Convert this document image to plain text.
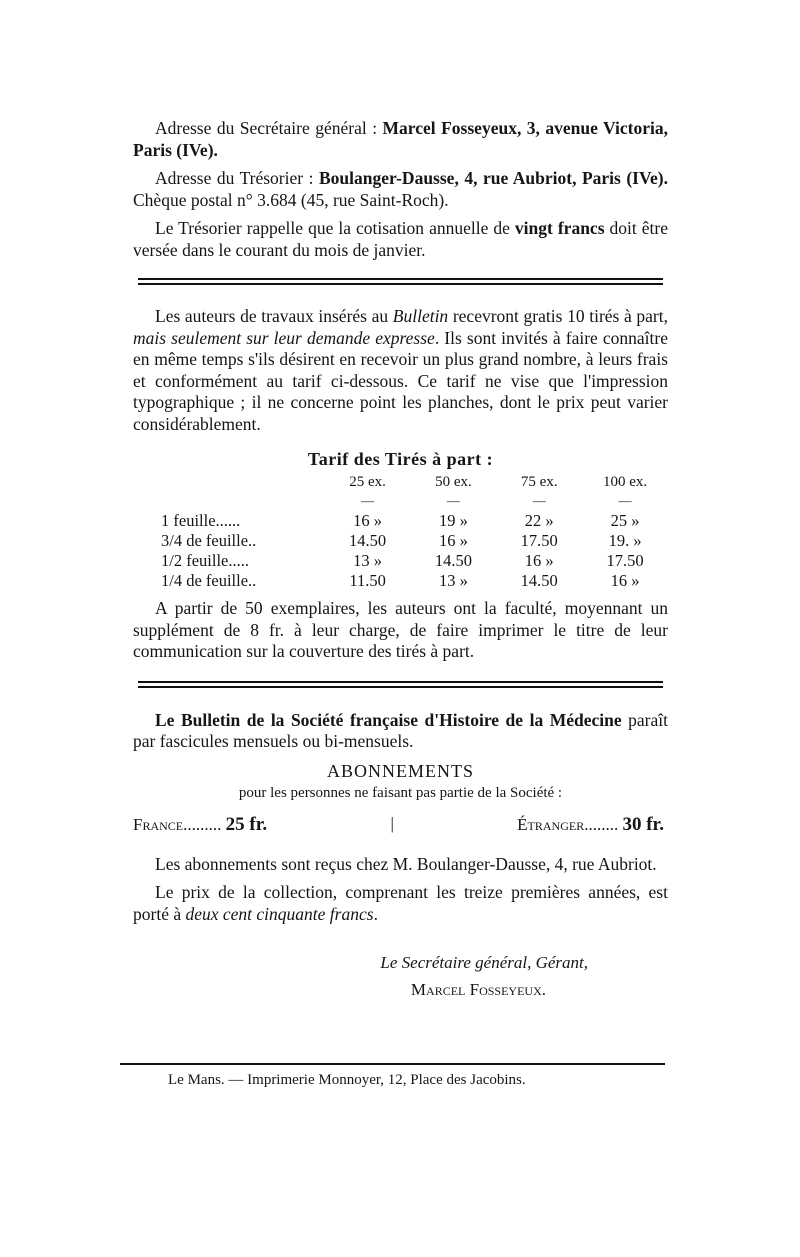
Adresse du Secrétaire général : Marcel Fosseyeux, 3, avenue Victoria, Paris (IVe).

Adresse du Trésorier : Boulanger-Dausse, 4, rue Aubriot, Paris (IVe). Chèque postal n° 3.684 (45, rue Saint-Roch).

Le Trésorier rappelle que la cotisation annuelle de vingt francs doit être versée dans le courant du mois de janvier.

Les auteurs de travaux insérés au Bulletin recevront gratis 10 tirés à part, mais seulement sur leur demande expresse. Ils sont invités à faire connaître en même temps s'ils désirent en recevoir un plus grand nombre, à leurs frais et conformément au tarif ci-dessous. Ce tarif ne vise que l'impression typographique ; il ne concerne point les planches, dont le prix peut varier considérablement.

Tarif des Tirés à part :
	25 ex.	50 ex.	75 ex.	100 ex.
	—	—	—	—
1 feuille......	16 »	19 »	22 »	25 »
3/4 de feuille..	14.50	16 »	17.50	19. »
1/2 feuille.....	13 »	14.50	16 »	17.50
1/4 de feuille..	11.50	13 »	14.50	16 »

A partir de 50 exemplaires, les auteurs ont la faculté, moyennant un supplément de 8 fr. à leur charge, de faire imprimer le titre de leur communication sur la couverture des tirés à part.

Le Bulletin de la Société française d'Histoire de la Médecine paraît par fascicules mensuels ou bi-mensuels.

ABONNEMENTS
pour les personnes ne faisant pas partie de la Société :
France......... 25 fr.	|	Étranger........ 30 fr.

Les abonnements sont reçus chez M. Boulanger-Dausse, 4, rue Aubriot.

Le prix de la collection, comprenant les treize premières années, est porté à deux cent cinquante francs.

Le Secrétaire général, Gérant,
Marcel Fosseyeux.
Le Mans. — Imprimerie Monnoyer, 12, Place des Jacobins.
